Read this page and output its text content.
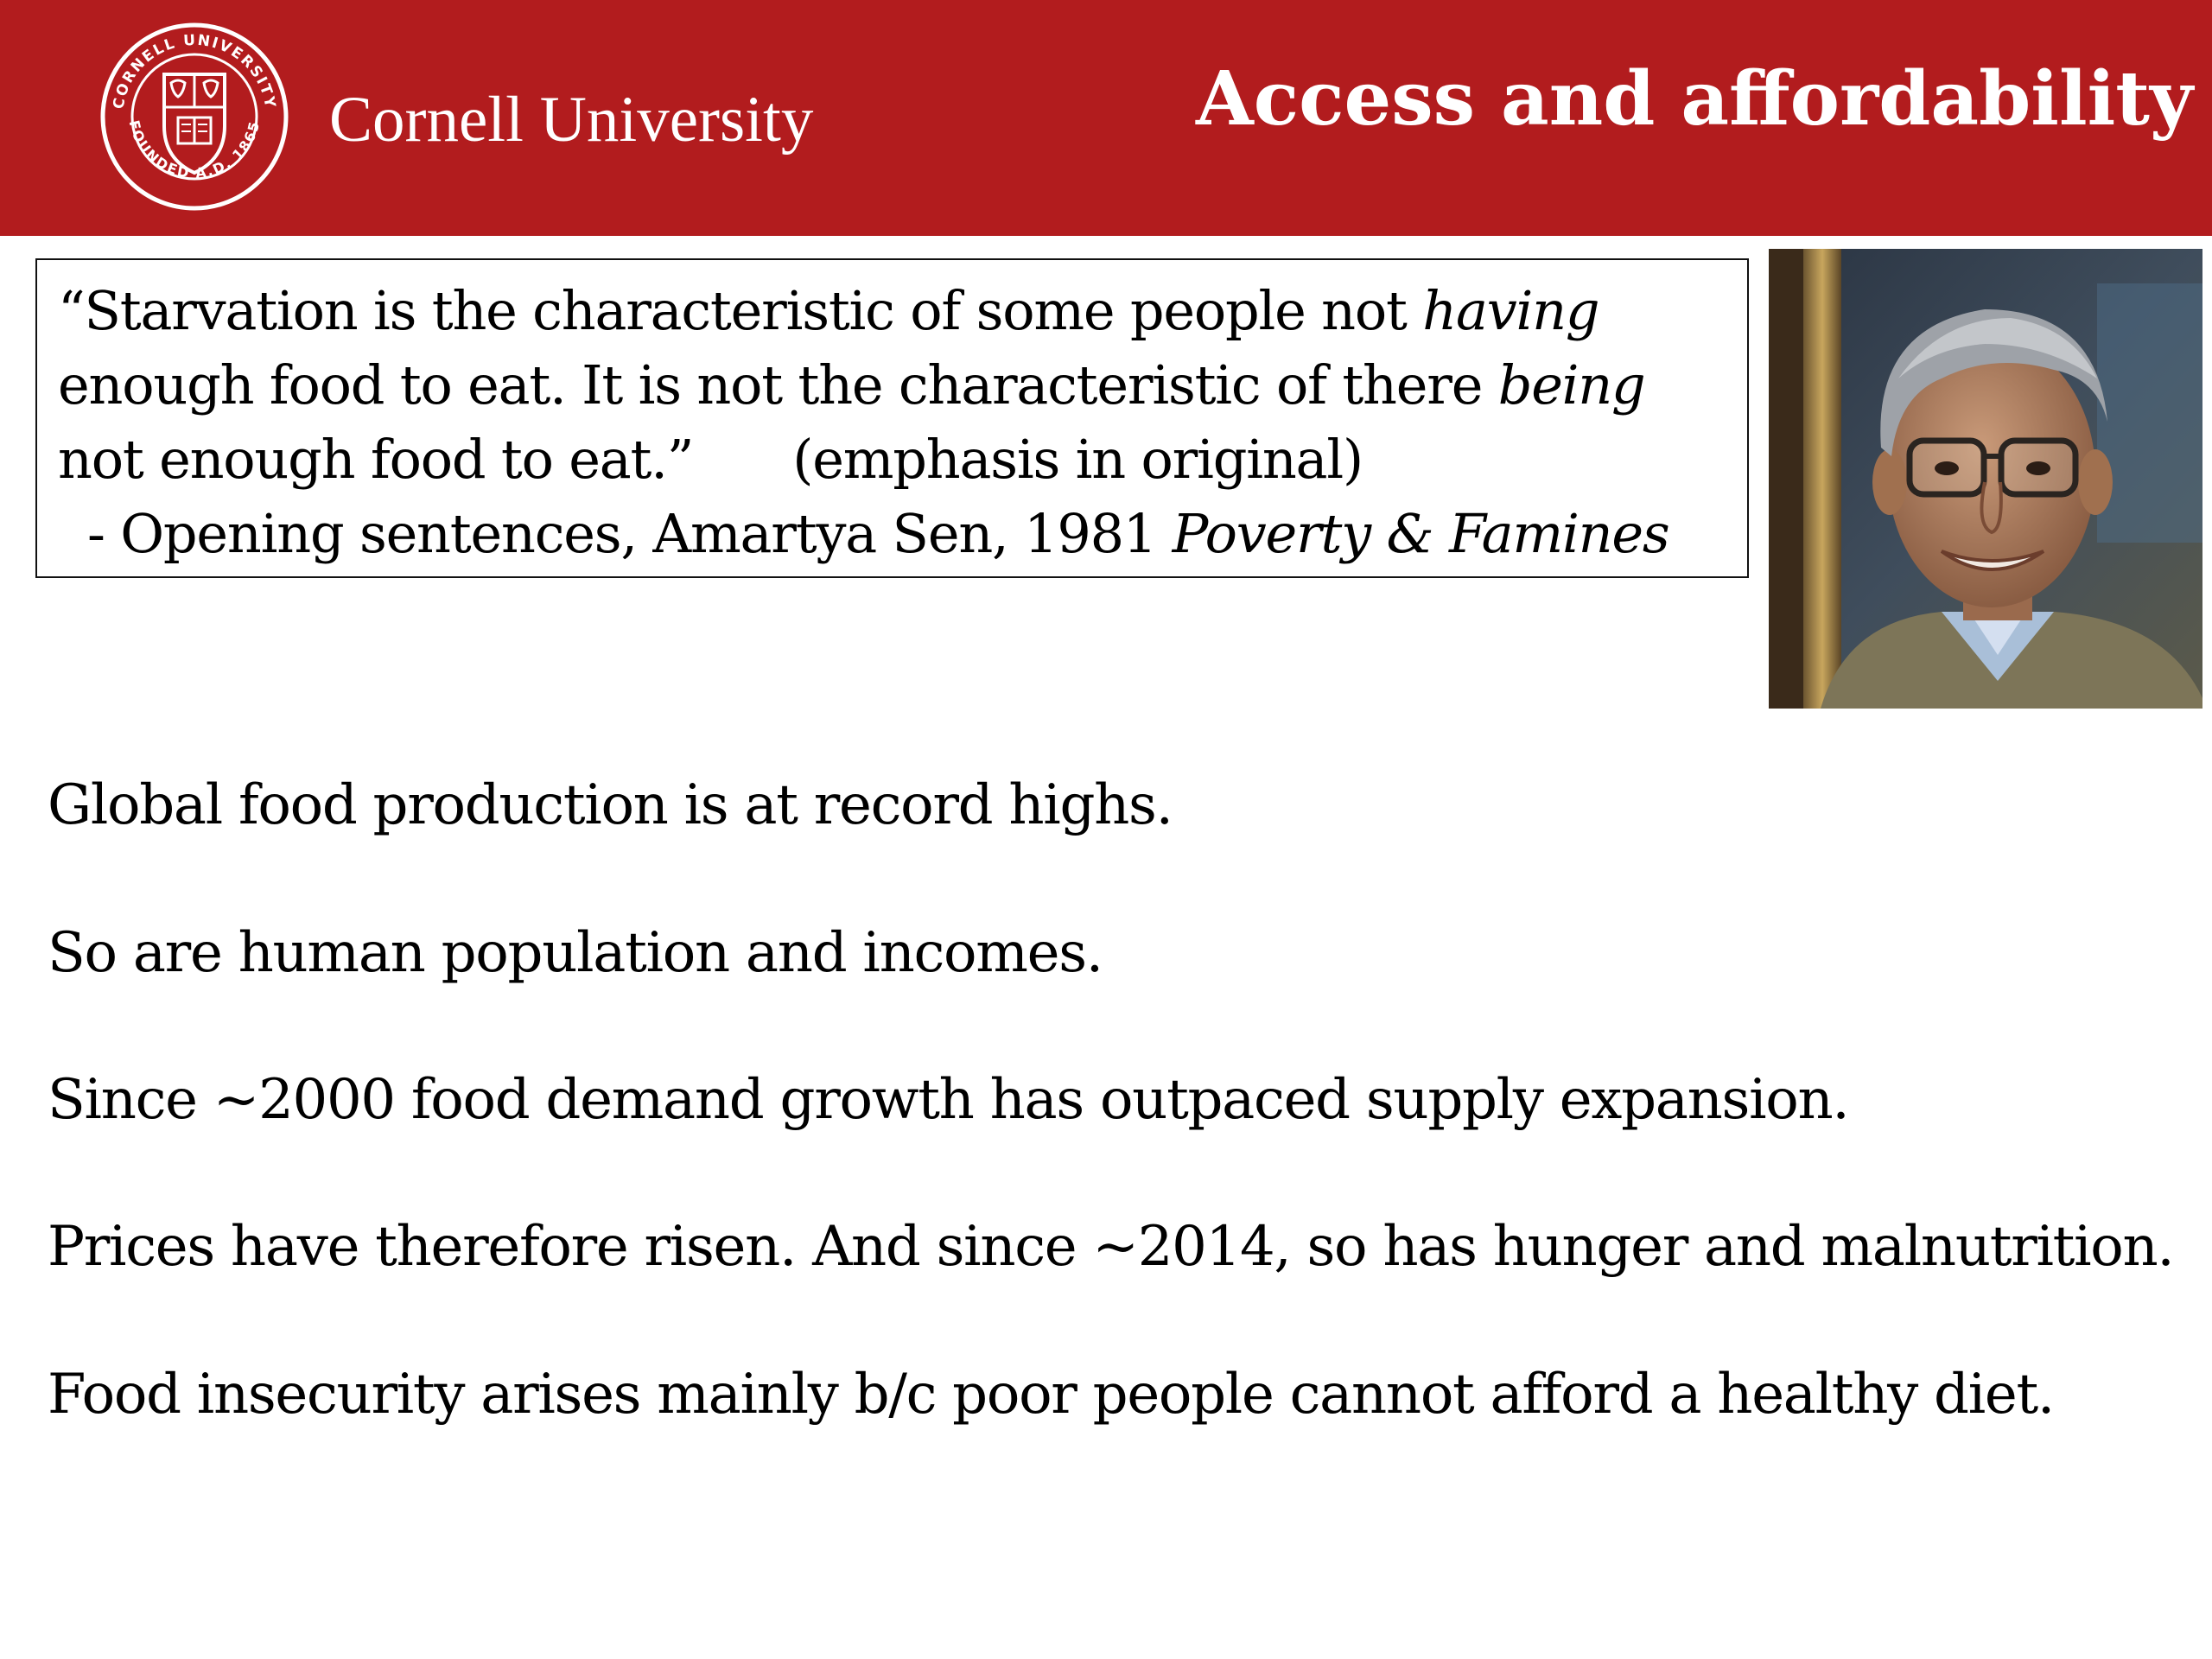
CORNELL UNIVERSITY
FOUNDED A.D. 1865 Cornell University	Access and affordability
“Starvation is the characteristic of some people not having
enough food to eat. It is not the characteristic of there being
not enough food to eat.” (emphasis in original)
- Opening sentences, Amartya Sen, 1981 Poverty & Famines
Global food production is at record highs.
So are human population and incomes.
Since ~2000 food demand growth has outpaced supply expansion.
Prices have therefore risen. And since ~2014, so has hunger and malnutrition.
Food insecurity arises mainly b/c poor people cannot afford a healthy diet.
